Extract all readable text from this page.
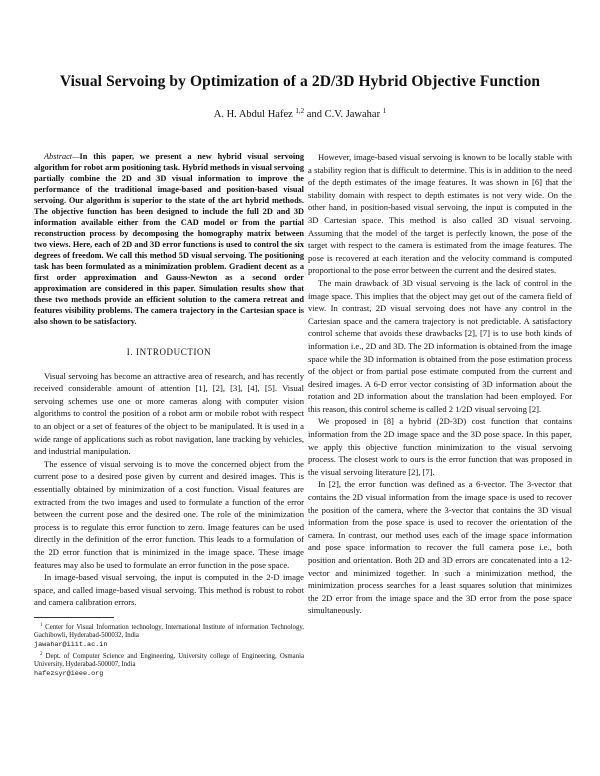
Visual Servoing by Optimization of a 2D/3D Hybrid Objective Function
A. H. Abdul Hafez $^{1,2}$ and C.V. Jawahar $^1$

Abstract—In this paper, we present a new hybrid visual servoing algorithm for robot arm positioning task. Hybrid methods in visual servoing partially combine the 2D and 3D visual information to improve the performance of the traditional image-based and position-based visual servoing. Our algorithm is superior to the state of the art hybrid methods. The objective function has been designed to include the full 2D and 3D information available either from the CAD model or from the partial reconstruction process by decomposing the homography matrix between two views. Here, each of 2D and 3D error functions is used to control the six degrees of freedom. We call this method 5D visual servoing. The positioning task has been formulated as a minimization problem. Gradient decent as a first order approximation and Gauss-Newton as a second order approximation are considered in this paper. Simulation results show that these two methods provide an efficient solution to the camera retreat and features visibility problems. The camera trajectory in the Cartesian space is also shown to be satisfactory.

I. INTRODUCTION

Visual servoing has become an attractive area of research, and has recently received considerable amount of attention [1], [2], [3], [4], [5]. Visual servoing schemes use one or more cameras along with computer vision algorithms to control the position of a robot arm or mobile robot with respect to an object or a set of features of the object to be manipulated. It is used in a wide range of applications such as robot navigation, lane tracking by vehicles, and industrial manipulation.

The essence of visual servoing is to move the concerned object from the current pose to a desired pose given by current and desired images. This is essentially obtained by minimization of a cost function. Visual features are extracted from the two images and used to formulate a function of the error between the current pose and the desired one. The role of the minimization process is to regulate this error function to zero. Image features can be used directly in the definition of the error function. This leads to a formulation of the 2D error function that is minimized in the image space. These image features may also be used to formulate an error function in the pose space.

In image-based visual servoing, the input is computed in the 2-D image space, and called image-based visual servoing. This method is robust to robot and camera calibration errors.

$^1$ Center for Visual Information technology, International Institute of information Technology, Gachibowli, Hyderabad-500032, India
jawahar@iiit.ac.in

$^2$ Dept. of Computer Science and Engineering, University college of Engineering, Osmania University, Hyderabad-500007, India
hafezsyr@ieee.org

However, image-based visual servoing is known to be locally stable with a stability region that is difficult to determine. This is in addition to the need of the depth estimates of the image features. It was shown in [6] that the stability domain with respect to depth estimates is not very wide. On the other hand, in position-based visual servoing, the input is computed in the 3D Cartesian space. This method is also called 3D visual servoing. Assuming that the model of the target is perfectly known, the pose of the target with respect to the camera is estimated from the image features. The pose is recovered at each iteration and the velocity command is computed proportional to the pose error between the current and the desired states.

The main drawback of 3D visual servoing is the lack of control in the image space. This implies that the object may get out of the camera field of view. In contrast, 2D visual servoing does not have any control in the Cartesian space and the camera trajectory is not predictable. A satisfactory control scheme that avoids these drawbacks [2], [7] is to use both kinds of information i.e., 2D and 3D. The 2D information is obtained from the image space while the 3D information is obtained from the pose estimation process of the object or from partial pose estimate computed from the current and desired images. A 6-D error vector consisting of 3D information about the rotation and 2D information about the translation had been employed. For this reason, this control scheme is called 2 1/2D visual servoing [2].

We proposed in [8] a hybrid (2D-3D) cost function that contains information from the 2D image space and the 3D pose space. In this paper, we apply this objective function minimization to the visual servoing process. The closest work to ours is the error function that was proposed in the visual servoing literature [2], [7].

In [2], the error function was defined as a 6-vector. The 3-vector that contains the 2D visual information from the image space is used to recover the position of the camera, where the 3-vector that contains the 3D visual information from the pose space is used to recover the orientation of the camera. In contrast, our method uses each of the image space information and pose space information to recover the full camera pose i.e., both position and orientation. Both 2D and 3D errors are concatenated into a 12-vector and minimized together. In such a minimization method, the minimization process searches for a least squares solution that minimizes the 2D error from the image space and the 3D error from the pose space simultaneously.
